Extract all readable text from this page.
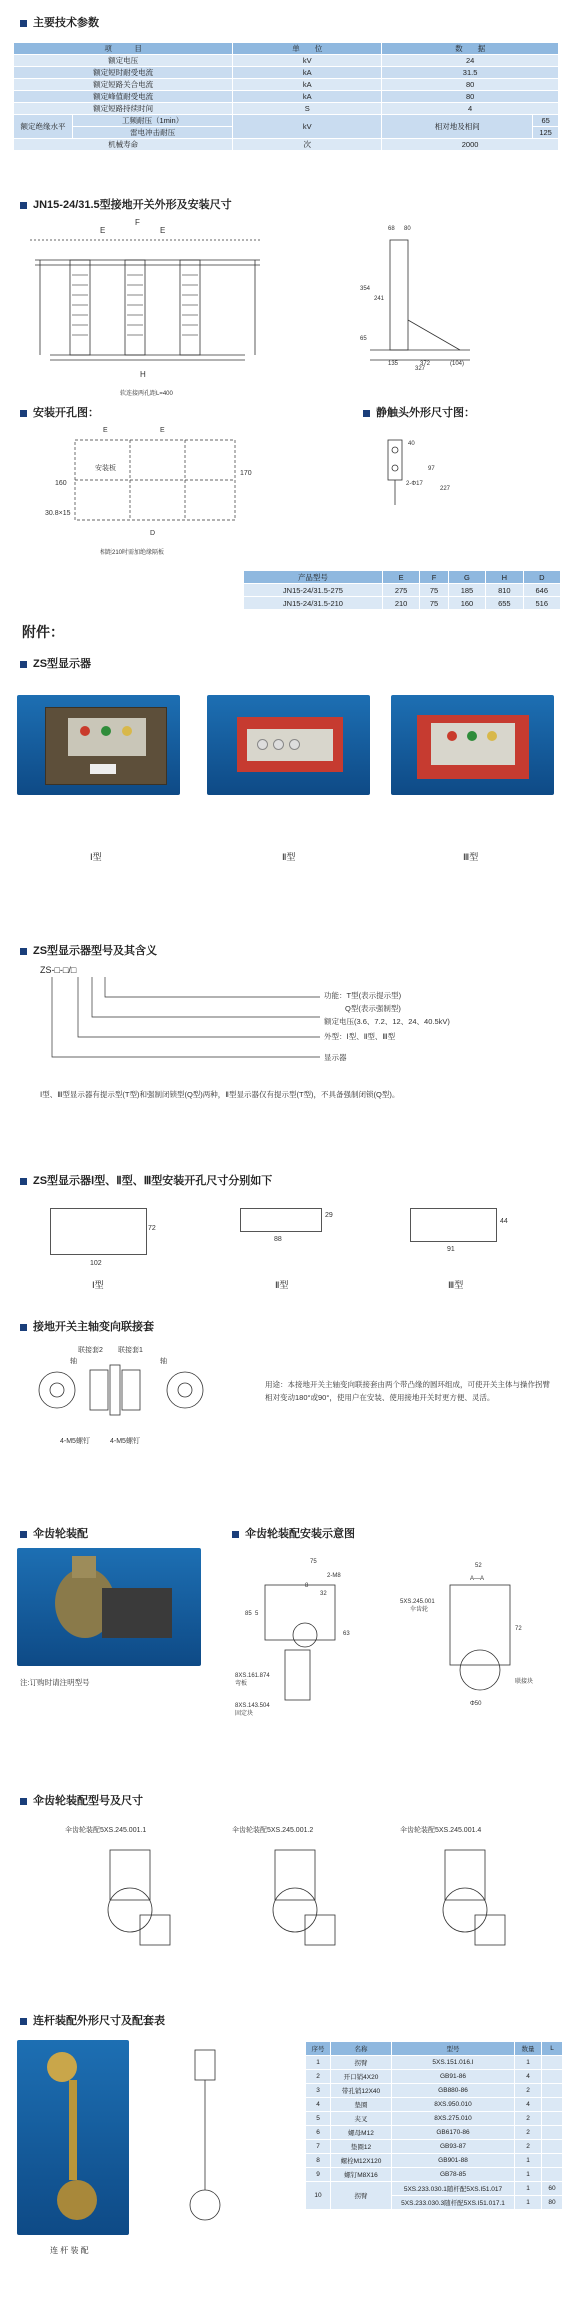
主要技术参数
项　　　目		单　　位	数　　据	
额定电压		kV	24	
额定短时耐受电流		kA	31.5	
额定短路关合电流		kA	80	
额定峰值耐受电流		kA	80	
额定短路持续时间		S	4	
额定绝缘水平	工频耐压（1min）	kV	相对地及相间	65
	雷电冲击耐压			125
机械寿命		次	2000	
JN15-24/31.5型接地开关外形及安装尺寸
E	E
F
H
软连接两孔距L=400
68 80
354
241
65
327
135	372	(104)
安装开孔图：	静触头外形尺寸图：
E	E
160
170
D
安装板
30.8×15
相距210时需加绝缘隔板
40
97
227
2-Φ17
产品型号	E	F	G	H	D
JN15-24/31.5-275	275	75	185	810	646
JN15-24/31.5-210	210	75	160	655	516
附件：
ZS型显示器
Ⅰ型	Ⅱ型	Ⅲ型
ZS型显示器型号及其含义
ZS-□-□/□
功能：T型(表示提示型)
Q型(表示强制型)
额定电压(3.6、7.2、12、24、40.5kV)
外型：Ⅰ型、Ⅱ型、Ⅲ型
显示器
Ⅰ型、Ⅲ型显示器有提示型(T型)和强制闭锁型(Q型)两种，Ⅱ型显示器仅有提示型(T型)，不具备强制闭锁(Q型)。
ZS型显示器Ⅰ型、Ⅱ型、Ⅲ型安装开孔尺寸分别如下
72
102
Ⅰ型
29
88
Ⅱ型
44
91
Ⅲ型
接地开关主轴变向联接套
联接套2 联接套1
轴	轴
4-M5螺钉	4-M5螺钉
用途：本接地开关主轴变向联接套由两个带凸缘的圆环组成，可使开关主体与操作拐臂相对变动180°或90°，使用户在安装、使用接地开关时更方便、灵活。
伞齿轮装配	伞齿轮装配安装示意图
注:订购时请注明型号
75
2-M8
8
32
85 5
63
8XS.161.874
弯板
8XS.143.504
固定块
5XS.245.001
伞齿轮
52
A—A
72
Φ50
联接块
伞齿轮装配型号及尺寸
伞齿轮装配5XS.245.001.1	伞齿轮装配5XS.245.001.2	伞齿轮装配5XS.245.001.4
连杆装配外形尺寸及配套表
连 杆 装 配
序号	名称	型号	数量	L
1	拐臂	5XS.151.016.I	1	
2	开口销4X20	GB91-86	4	
3	带孔销12X40	GB880-86	2	
4	垫圈	8XS.950.010	4	
5	夹叉	8XS.275.010	2	
6	螺母M12	GB6170-86	2	
7	垫圈12	GB93-87	2	
8	螺栓M12X120	GB901-88	1	
9	螺钉M8X16	GB78-85	1	
10	拐臂	5XS.233.030.1随杆配5XS.I51.017	1	60
		5XS.233.030.3随杆配5XS.I51.017.1	1	80
